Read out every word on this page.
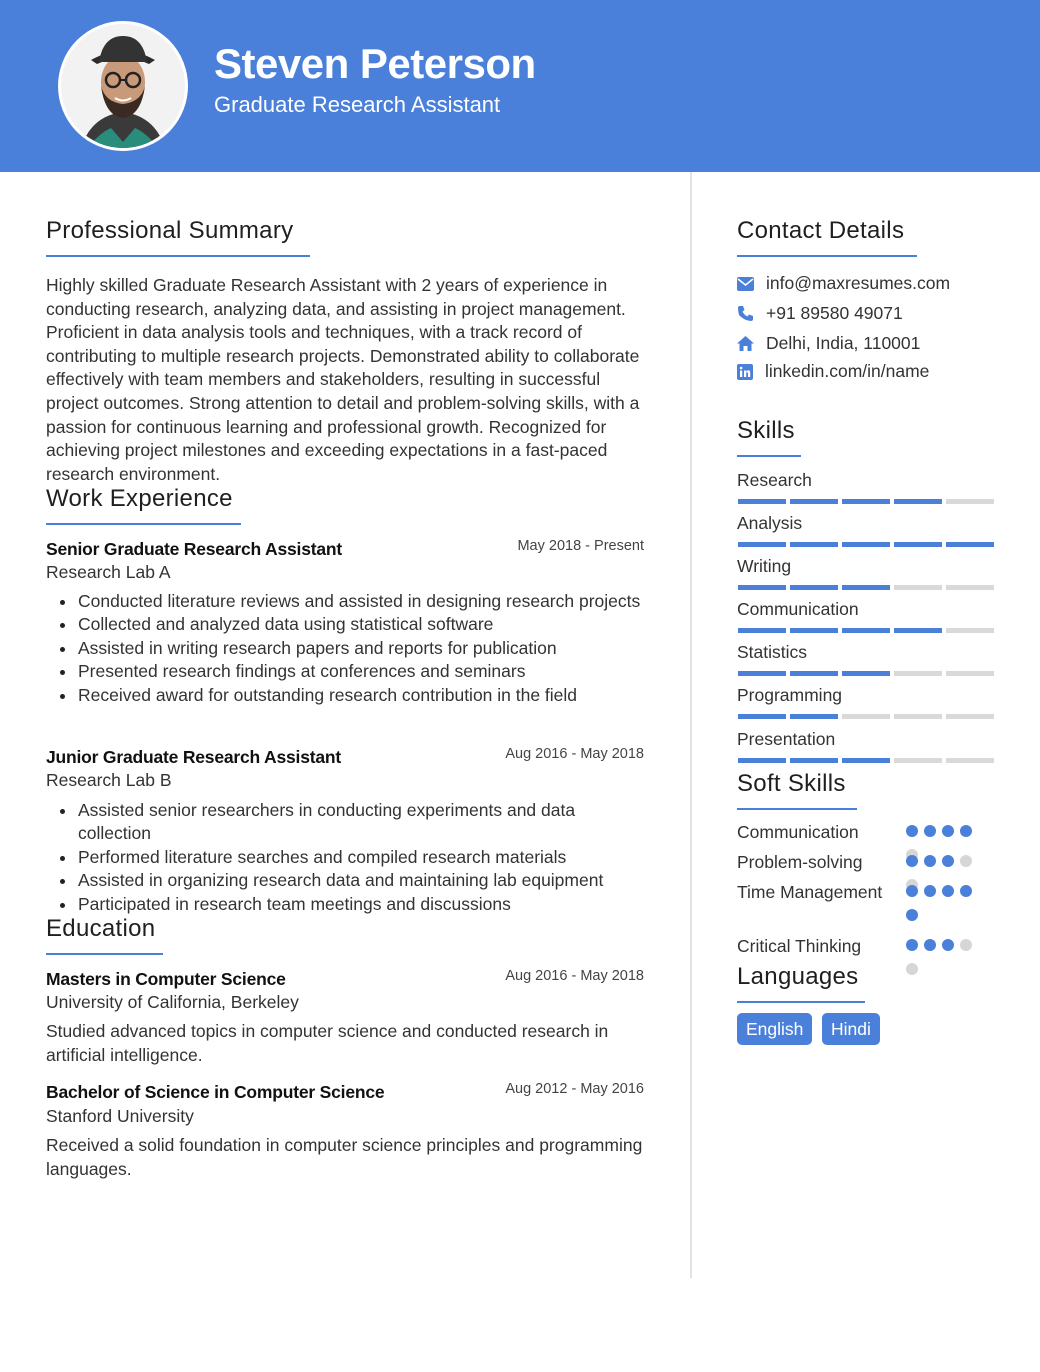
Steven Peterson
Graduate Research Assistant
Professional Summary
Highly skilled Graduate Research Assistant with 2 years of experience in conducting research, analyzing data, and assisting in project management. Proficient in data analysis tools and techniques, with a track record of contributing to multiple research projects. Demonstrated ability to collaborate effectively with team members and stakeholders, resulting in successful project outcomes. Strong attention to detail and problem-solving skills, with a passion for continuous learning and professional growth. Recognized for achieving project milestones and exceeding expectations in a fast-paced research environment.
Work Experience
Senior Graduate Research Assistant	May 2018 - Present
Research Lab A
Conducted literature reviews and assisted in designing research projects
Collected and analyzed data using statistical software
Assisted in writing research papers and reports for publication
Presented research findings at conferences and seminars
Received award for outstanding research contribution in the field
Junior Graduate Research Assistant	Aug 2016 - May 2018
Research Lab B
Assisted senior researchers in conducting experiments and data collection
Performed literature searches and compiled research materials
Assisted in organizing research data and maintaining lab equipment
Participated in research team meetings and discussions
Education
Masters in Computer Science	Aug 2016 - May 2018
University of California, Berkeley
Studied advanced topics in computer science and conducted research in artificial intelligence.
Bachelor of Science in Computer Science	Aug 2012 - May 2016
Stanford University
Received a solid foundation in computer science principles and programming languages.
Contact Details
info@maxresumes.com
+91 89580 49071
Delhi, India, 110001
linkedin.com/in/name
Skills
Research
Analysis
Writing
Communication
Statistics
Programming
Presentation
Soft Skills
Communication
Problem-solving
Time Management
Critical Thinking
Languages
English	Hindi
